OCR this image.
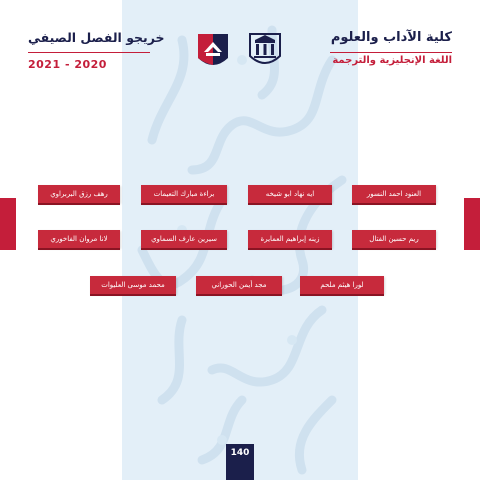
كلية الآداب والعلوم
اللغة الإنجليزية والترجمة
خريجو الفصل الصيفي
2021 - 2020
العنود احمد النسور
ايه نهاد ابو شيخه
براءة مبارك التعيمات
رهف رزق البربراوي
ريم حسين الفتال
زينه إبراهيم العمايرة
سيرين عارف السماوي
لانا مروان الفاخوري
لورا هيثم ملحم
مجد أيمن الحوراني
محمد موسى العليوات
140
